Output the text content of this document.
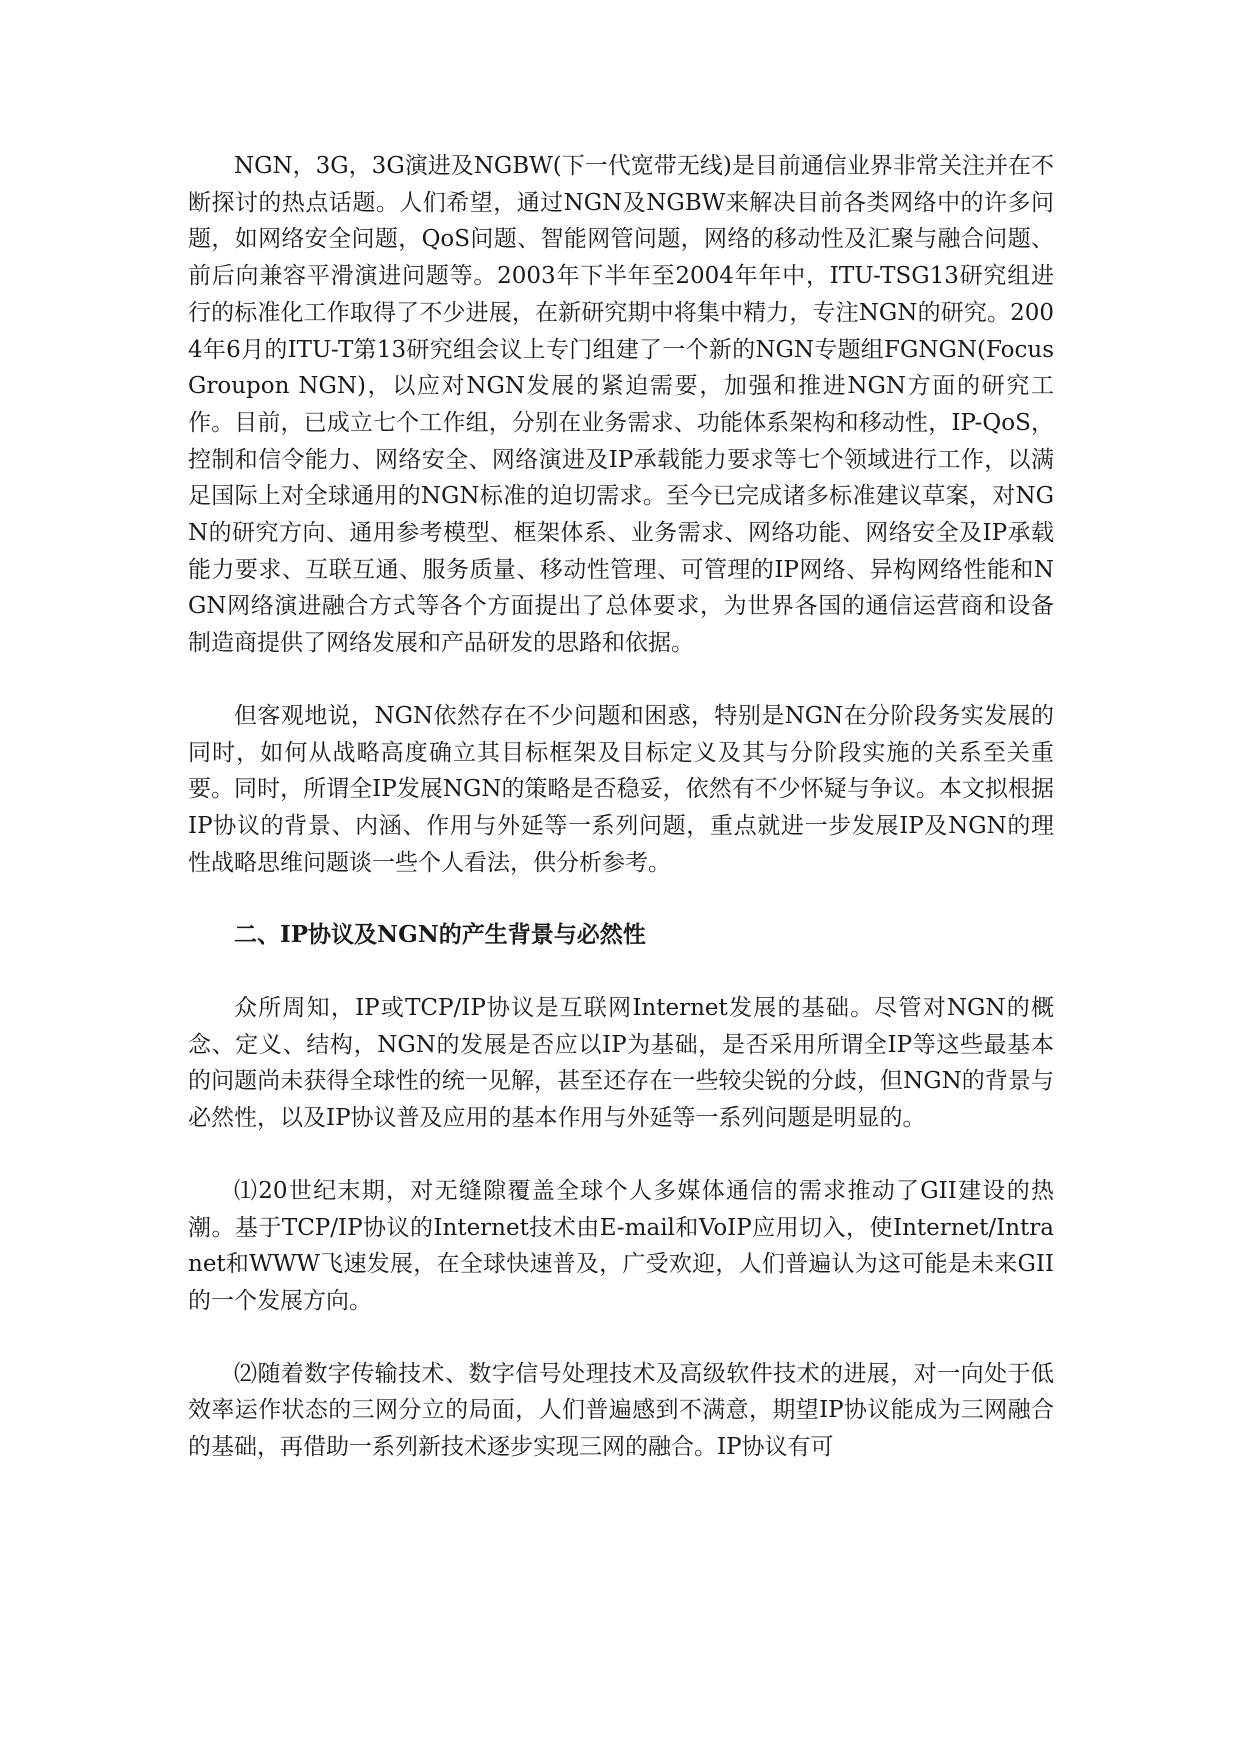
NGN，3G，3G演进及NGBW(下一代宽带无线)是目前通信业界非常关注并在不断探讨的热点话题。人们希望，通过NGN及NGBW来解决目前各类网络中的许多问题，如网络安全问题，QoS问题、智能网管问题，网络的移动性及汇聚与融合问题、前后向兼容平滑演进问题等。2003年下半年至2004年年中，ITU-TSG13研究组进行的标准化工作取得了不少进展，在新研究期中将集中精力，专注NGN的研究。2004年6月的ITU-T第13研究组会议上专门组建了一个新的NGN专题组FGNGN(FocusGroupon NGN)，以应对NGN发展的紧迫需要，加强和推进NGN方面的研究工作。目前，已成立七个工作组，分别在业务需求、功能体系架构和移动性，IP-QoS，控制和信令能力、网络安全、网络演进及IP承载能力要求等七个领域进行工作，以满足国际上对全球通用的NGN标准的迫切需求。至今已完成诸多标准建议草案，对NGN的研究方向、通用参考模型、框架体系、业务需求、网络功能、网络安全及IP承载能力要求、互联互通、服务质量、移动性管理、可管理的IP网络、异构网络性能和NGN网络演进融合方式等各个方面提出了总体要求，为世界各国的通信运营商和设备制造商提供了网络发展和产品研发的思路和依据。

但客观地说，NGN依然存在不少问题和困惑，特别是NGN在分阶段务实发展的同时，如何从战略高度确立其目标框架及目标定义及其与分阶段实施的关系至关重要。同时，所谓全IP发展NGN的策略是否稳妥，依然有不少怀疑与争议。本文拟根据IP协议的背景、内涵、作用与外延等一系列问题，重点就进一步发展IP及NGN的理性战略思维问题谈一些个人看法，供分析参考。

二、IP协议及NGN的产生背景与必然性

众所周知，IP或TCP/IP协议是互联网Internet发展的基础。尽管对NGN的概念、定义、结构，NGN的发展是否应以IP为基础，是否采用所谓全IP等这些最基本的问题尚未获得全球性的统一见解，甚至还存在一些较尖锐的分歧，但NGN的背景与必然性，以及IP协议普及应用的基本作用与外延等一系列问题是明显的。

⑴20世纪末期，对无缝隙覆盖全球个人多媒体通信的需求推动了GII建设的热潮。基于TCP/IP协议的Internet技术由E-mail和VoIP应用切入，使Internet/Intranet和WWW飞速发展，在全球快速普及，广受欢迎，人们普遍认为这可能是未来GII的一个发展方向。

⑵随着数字传输技术、数字信号处理技术及高级软件技术的进展，对一向处于低效率运作状态的三网分立的局面，人们普遍感到不满意，期望IP协议能成为三网融合的基础，再借助一系列新技术逐步实现三网的融合。IP协议有可
